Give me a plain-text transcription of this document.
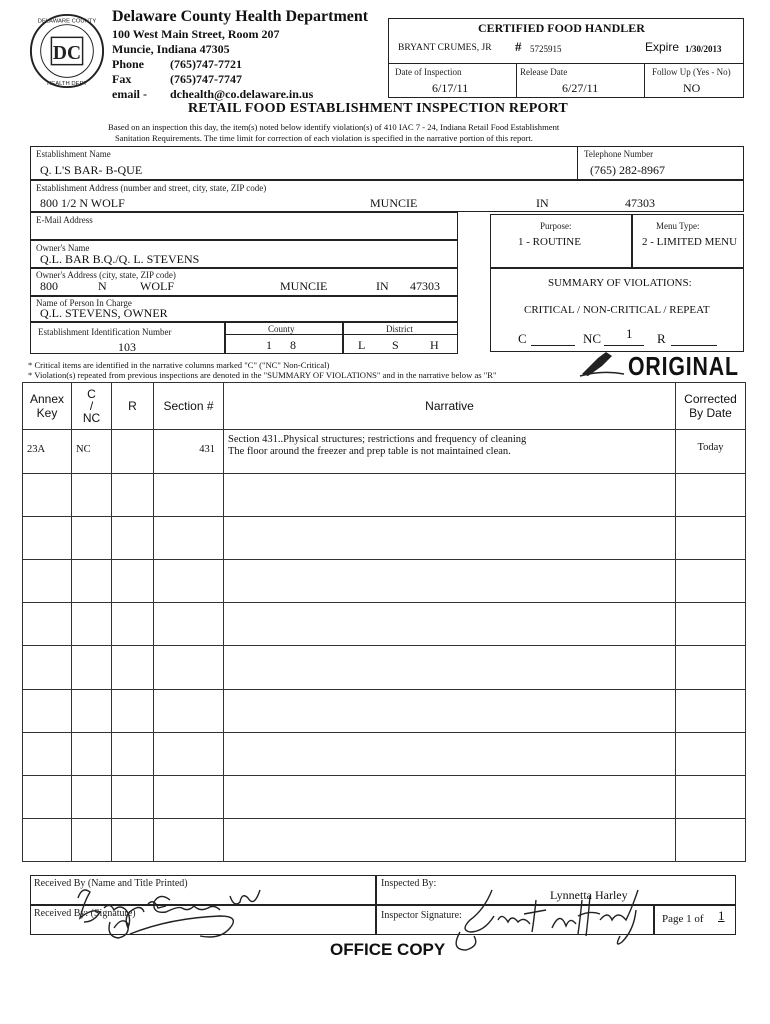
DC
DELAWARE COUNTY
HEALTH DEPT
Delaware County Health Department
100 West Main Street, Room 207
Muncie, Indiana 47305
Phone (765)747-7721
Fax	(765)747-7747
email - dchealth@co.delaware.in.us
CERTIFIED FOOD HANDLER
BRYANT CRUMES, JR # 5725915	Expire 1/30/2013
Date of Inspection
6/17/11
Release Date
6/27/11
Follow Up (Yes - No)
NO
RETAIL FOOD ESTABLISHMENT INSPECTION REPORT
Based on an inspection this day, the item(s) noted below identify violation(s) of 410 IAC 7 - 24, Indiana Retail Food Establishment
Sanitation Requirements. The time limit for correction of each violation is specified in the narrative portion of this report.
Establishment Name
Q. L'S BAR- B-QUE
Telephone Number
(765) 282-8967
Establishment Address (number and street, city, state, ZIP code)
800 1/2 N WOLF	MUNCIE	IN	47303
E-Mail Address
Owner's Name
Q.L. BAR B.Q./Q. L. STEVENS
Owner's Address (city, state, ZIP code)
800	N	WOLF	MUNCIE	IN 47303
Name of Person In Charge
Q.L. STEVENS, OWNER
Establishment Identification Number
103
County
1 8
District
L S	H
Purpose:
1 - ROUTINE
Menu Type:
2 - LIMITED MENU
SUMMARY OF VIOLATIONS:
CRITICAL / NON-CRITICAL / REPEAT
C	NC 1 R
ORIGINAL
* Critical items are identified in the narrative columns marked "C" ("NC" Non-Critical)
* Violation(s) repeated from previous inspections are denoted in the "SUMMARY OF VIOLATIONS" and in the narrative below as "R"
Annex Key	C
/
NC	R	Section #	Narrative	Corrected By Date

23A	NC		431	Section 431..Physical structures; restrictions and frequency of cleaning
The floor around the freezer and prep table is not maintained clean.	Today

Received By (Name and Title Printed)
Received By: (Signature)
Inspected By:
Lynnetta Harley
Inspector Signature:	Page 1 of 1
OFFICE COPY
